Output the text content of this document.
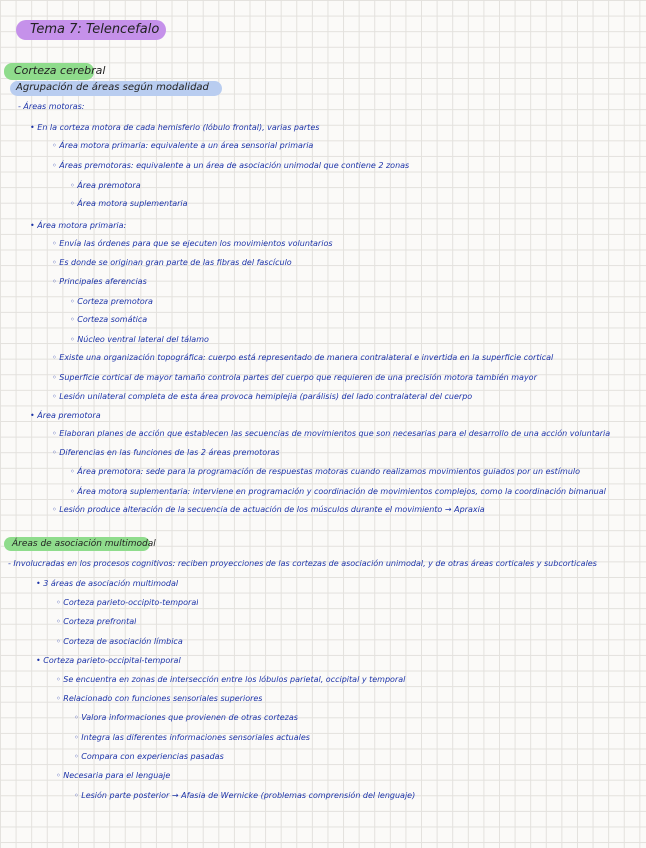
Tema 7: Telencefalo
Corteza cerebral
Agrupación de áreas según modalidad
Áreas de asociación multimodal
- Áreas motoras:
• En la corteza motora de cada hemisferio (lóbulo frontal), varias partes
◦ Área motora primaria: equivalente a un área sensorial primaria
◦ Áreas premotoras: equivalente a un área de asociación unimodal que contiene 2 zonas
◦ Área premotora
◦ Área motora suplementaria
• Área motora primaria:
◦ Envía las órdenes para que se ejecuten los movimientos voluntarios
◦ Es donde se originan gran parte de las fibras del fascículo
◦ Principales aferencias
◦ Corteza premotora
◦ Corteza somática
◦ Núcleo ventral lateral del tálamo
◦ Existe una organización topográfica: cuerpo está representado de manera contralateral e invertida en la superficie cortical
◦ Superficie cortical de mayor tamaño controla partes del cuerpo que requieren de una precisión motora también mayor
◦ Lesión unilateral completa de esta área provoca hemiplejia (parálisis) del lado contralateral del cuerpo
• Área premotora
◦ Elaboran planes de acción que establecen las secuencias de movimientos que son necesarias para el desarrollo de una acción voluntaria
◦ Diferencias en las funciones de las 2 áreas premotoras
◦ Área premotora: sede para la programación de respuestas motoras cuando realizamos movimientos guiados por un estímulo
◦ Área motora suplementaria: interviene en programación y coordinación de movimientos complejos, como la coordinación bimanual
◦ Lesión produce alteración de la secuencia de actuación de los músculos durante el movimiento → Apraxia
- Involucradas en los procesos cognitivos: reciben proyecciones de las cortezas de asociación unimodal, y de otras áreas corticales y subcorticales
• 3 áreas de asociación multimodal
◦ Corteza parieto-occipito-temporal
◦ Corteza prefrontal
◦ Corteza de asociación límbica
• Corteza parieto-occipital-temporal
◦ Se encuentra en zonas de intersección entre los lóbulos parietal, occipital y temporal
◦ Relacionado con funciones sensoriales superiores
◦ Valora informaciones que provienen de otras cortezas
◦ Integra las diferentes informaciones sensoriales actuales
◦ Compara con experiencias pasadas
◦ Necesaria para el lenguaje
◦ Lesión parte posterior → Afasia de Wernicke (problemas comprensión del lenguaje)
